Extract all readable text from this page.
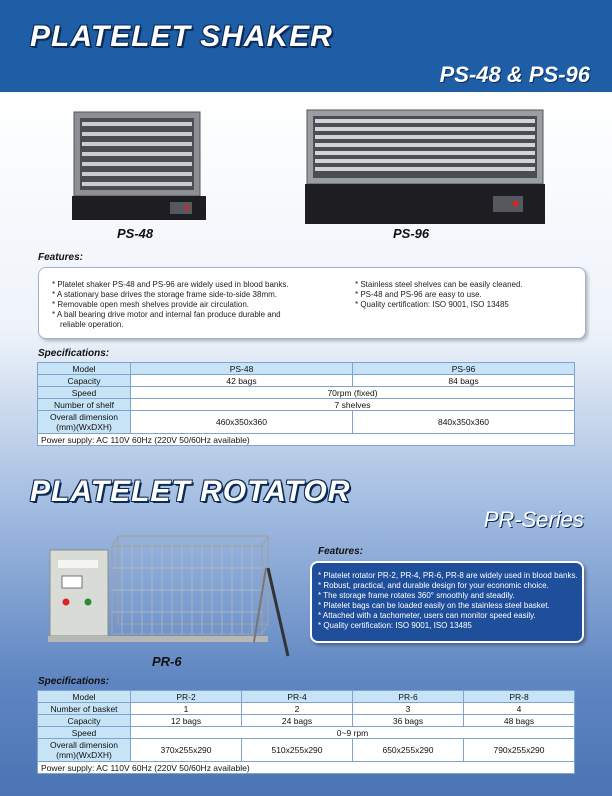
PLATELET SHAKER
PS-48 & PS-96
PS-48	PS-96
Features:
* Platelet shaker PS-48 and PS-96 are widely used in blood banks.
* A stationary base drives the storage frame side-to-side 38mm.
* Removable open mesh shelves provide air circulation.
* A ball bearing drive motor and internal fan produce durable and
reliable operation.
* Stainless steel shelves can be easily cleaned.
* PS-48 and PS-96 are easy to use.
* Quality certification: ISO 9001, ISO 13485
Specifications:
Model	PS-48	PS-96
Capacity	42 bags	84 bags
Speed	70rpm (fixed)	
Number of shelf	7 shelves	
Overall dimension
(mm)(WxDXH)	460x350x360	840x350x360
Power supply: AC 110V 60Hz (220V 50/60Hz available)		
PLATELET ROTATOR
PR-Series
PR-6
Features:
* Platelet rotator PR-2, PR-4, PR-6, PR-8 are widely used in blood banks.
* Robust, practical, and durable design for your economic choice.
* The storage frame rotates 360° smoothly and steadily.
* Platelet bags can be loaded easily on the stainless steel basket.
* Attached with a tachometer, users can monitor speed easily.
* Quality certification: ISO 9001, ISO 13485
Specifications:
Model	PR-2	PR-4	PR-6	PR-8
Number of basket	1	2	3	4
Capacity	12 bags	24 bags	36 bags	48 bags
Speed	0~9 rpm			
Overall dimension
(mm)(WxDXH)	370x255x290	510x255x290	650x255x290	790x255x290
Power supply: AC 110V 60Hz (220V 50/60Hz available)				
